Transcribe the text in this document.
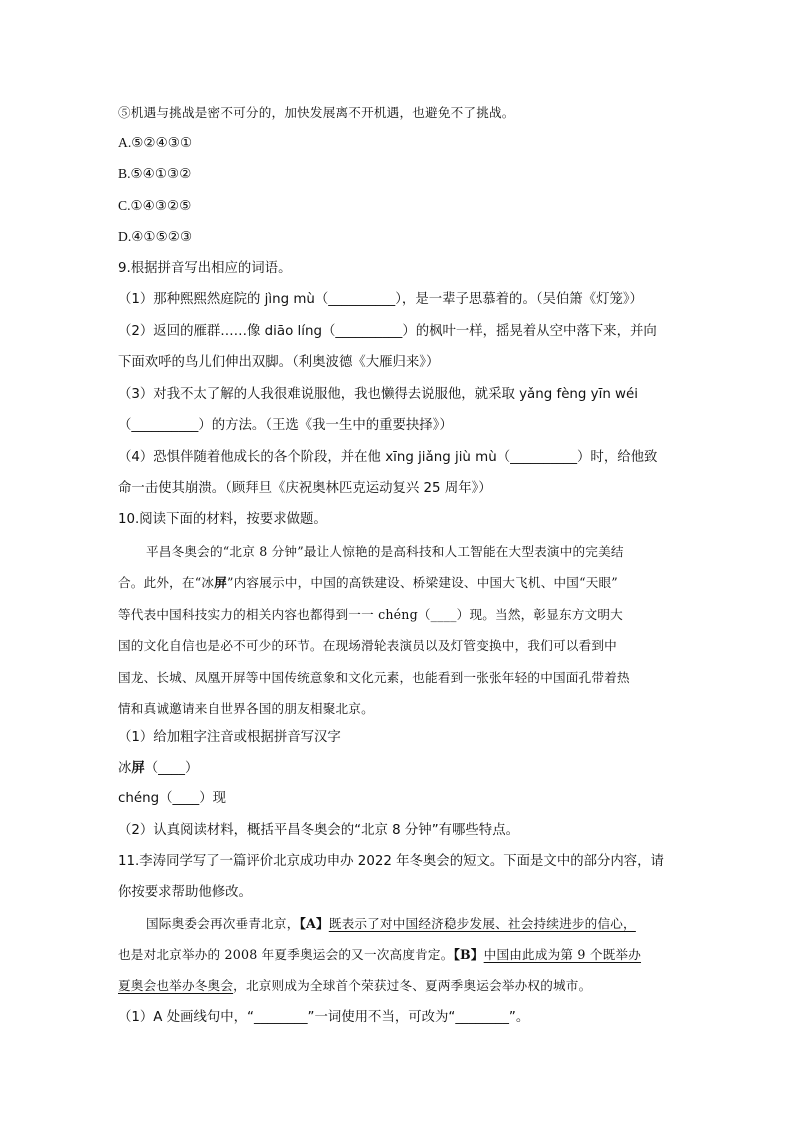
⑤机遇与挑战是密不可分的，加快发展离不开机遇，也避免不了挑战。
A.⑤②④③①
B.⑤④①③②
C.①④③②⑤
D.④①⑤②③
9.根据拼音写出相应的词语。
（1）那种熙熙然庭院的 jìng mù（__________），是一辈子思慕着的。（吴伯箫《灯笼》）
（2）返回的雁群……像 diāo líng（__________）的枫叶一样，摇晃着从空中落下来，并向
下面欢呼的鸟儿们伸出双脚。（利奥波德《大雁归来》）
（3）对我不太了解的人我很难说服他，我也懒得去说服他，就采取 yǎng fèng yīn wéi
（__________）的方法。（王选《我一生中的重要抉择》）
（4）恐惧伴随着他成长的各个阶段，并在他 xīng jiǎng jiù mù（__________）时，给他致
命一击使其崩溃。（顾拜旦《庆祝奥林匹克运动复兴 25 周年》）
10.阅读下面的材料，按要求做题。
平昌冬奥会的“北京 8 分钟”最让人惊艳的是高科技和人工智能在大型表演中的完美结
合。此外，在“冰屏”内容展示中，中国的高铁建设、桥梁建设、中国大飞机、中国“天眼”
等代表中国科技实力的相关内容也都得到一一 chéng（____）现。当然，彰显东方文明大
国的文化自信也是必不可少的环节。在现场滑轮表演员以及灯管变换中，我们可以看到中
国龙、长城、凤凰开屏等中国传统意象和文化元素，也能看到一张张年轻的中国面孔带着热
情和真诚邀请来自世界各国的朋友相聚北京。
（1）给加粗字注音或根据拼音写汉字
冰屏（____）
chéng（____）现
（2）认真阅读材料，概括平昌冬奥会的“北京 8 分钟”有哪些特点。
11.李涛同学写了一篇评价北京成功申办 2022 年冬奥会的短文。下面是文中的部分内容，请
你按要求帮助他修改。
国际奥委会再次垂青北京，【A】既表示了对中国经济稳步发展、社会持续进步的信心，
也是对北京举办的 2008 年夏季奥运会的又一次高度肯定。【B】中国由此成为第 9 个既举办
夏奥会也举办冬奥会，北京则成为全球首个荣获过冬、夏两季奥运会举办权的城市。
（1）A 处画线句中，“________”一词使用不当，可改为“________”。
